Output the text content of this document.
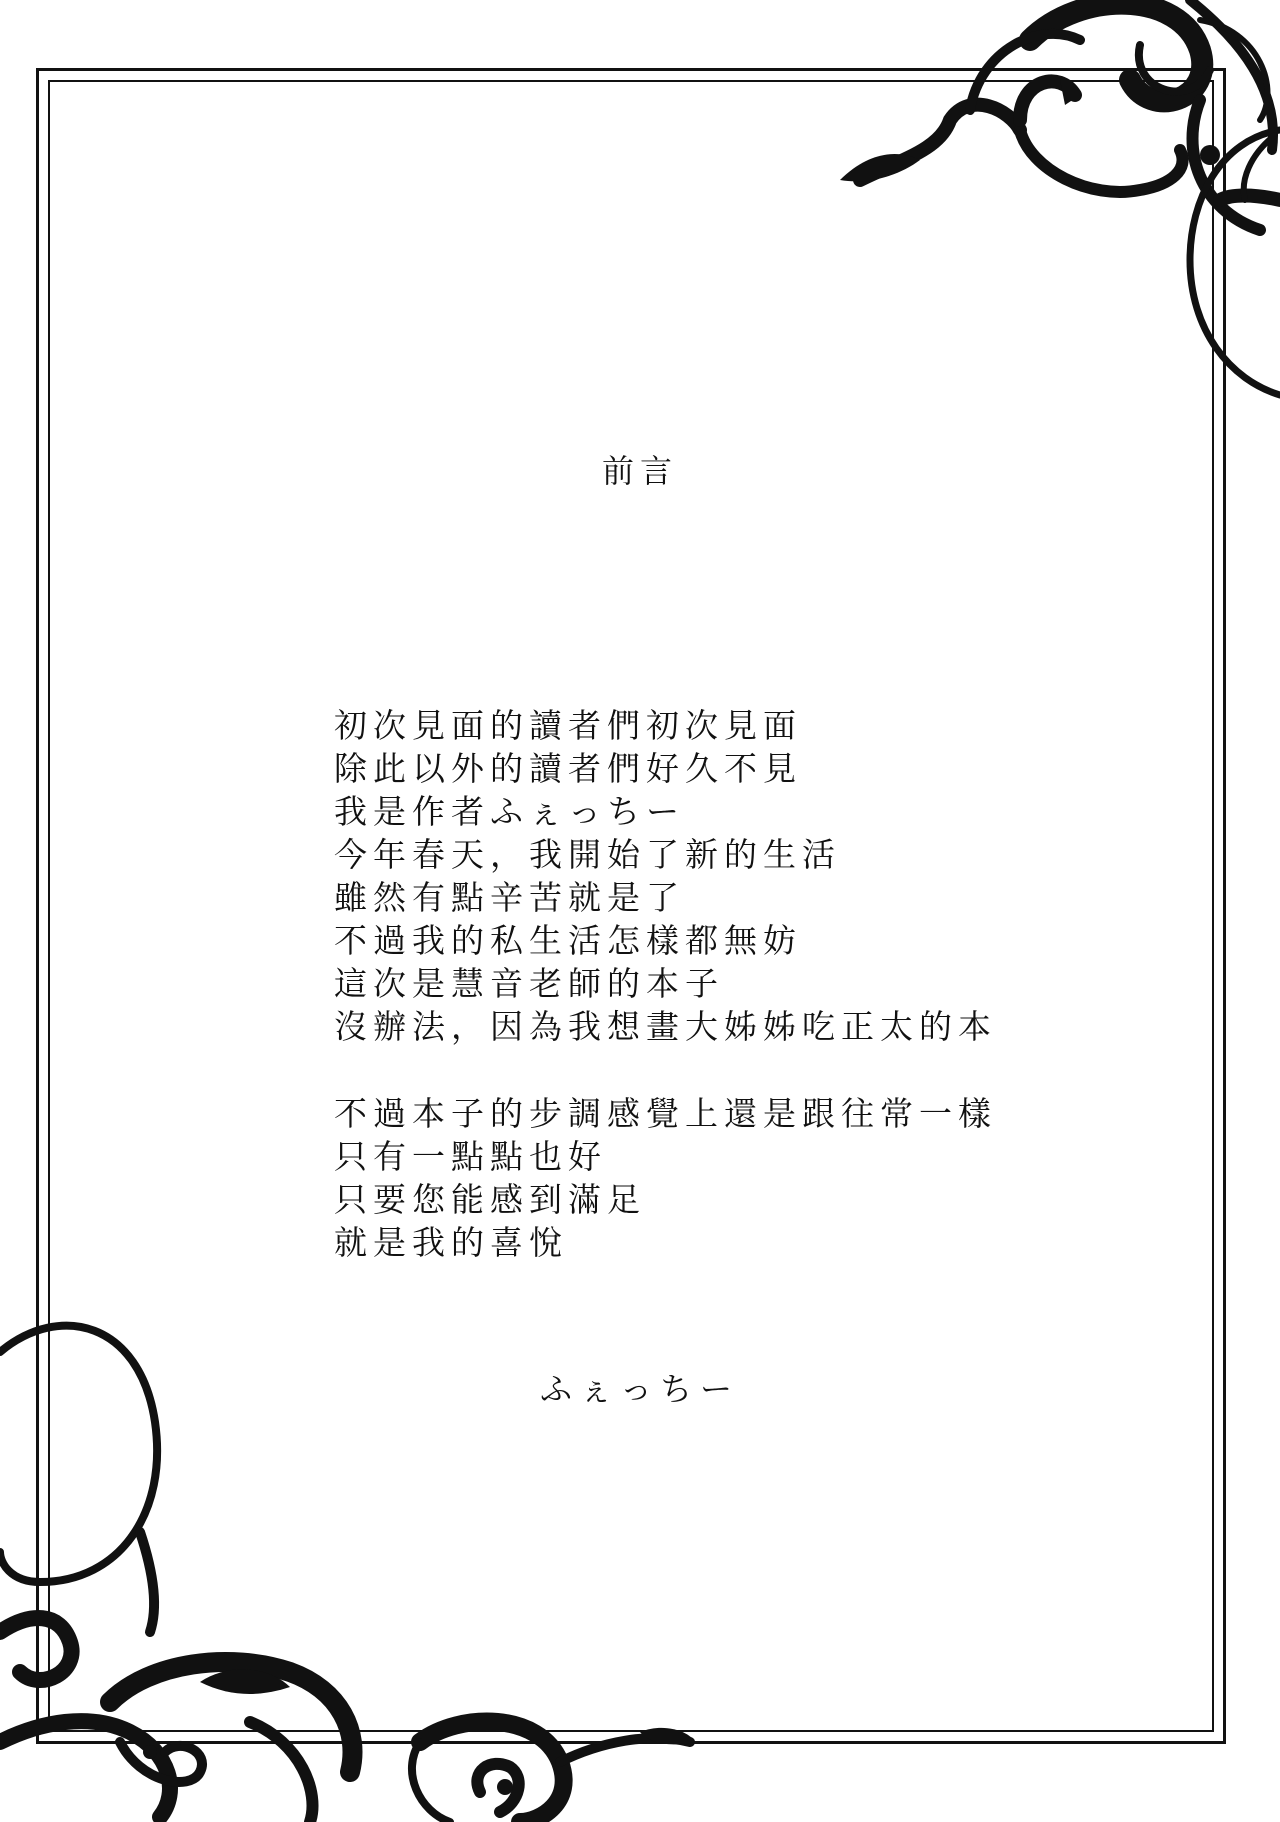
前言
初次見面的讀者們初次見面
除此以外的讀者們好久不見
我是作者ふぇっちー
今年春天，我開始了新的生活
雖然有點辛苦就是了
不過我的私生活怎樣都無妨
這次是慧音老師的本子
沒辦法，因為我想畫大姊姊吃正太的本
不過本子的步調感覺上還是跟往常一樣
只有一點點也好
只要您能感到滿足
就是我的喜悅
ふぇっちー
